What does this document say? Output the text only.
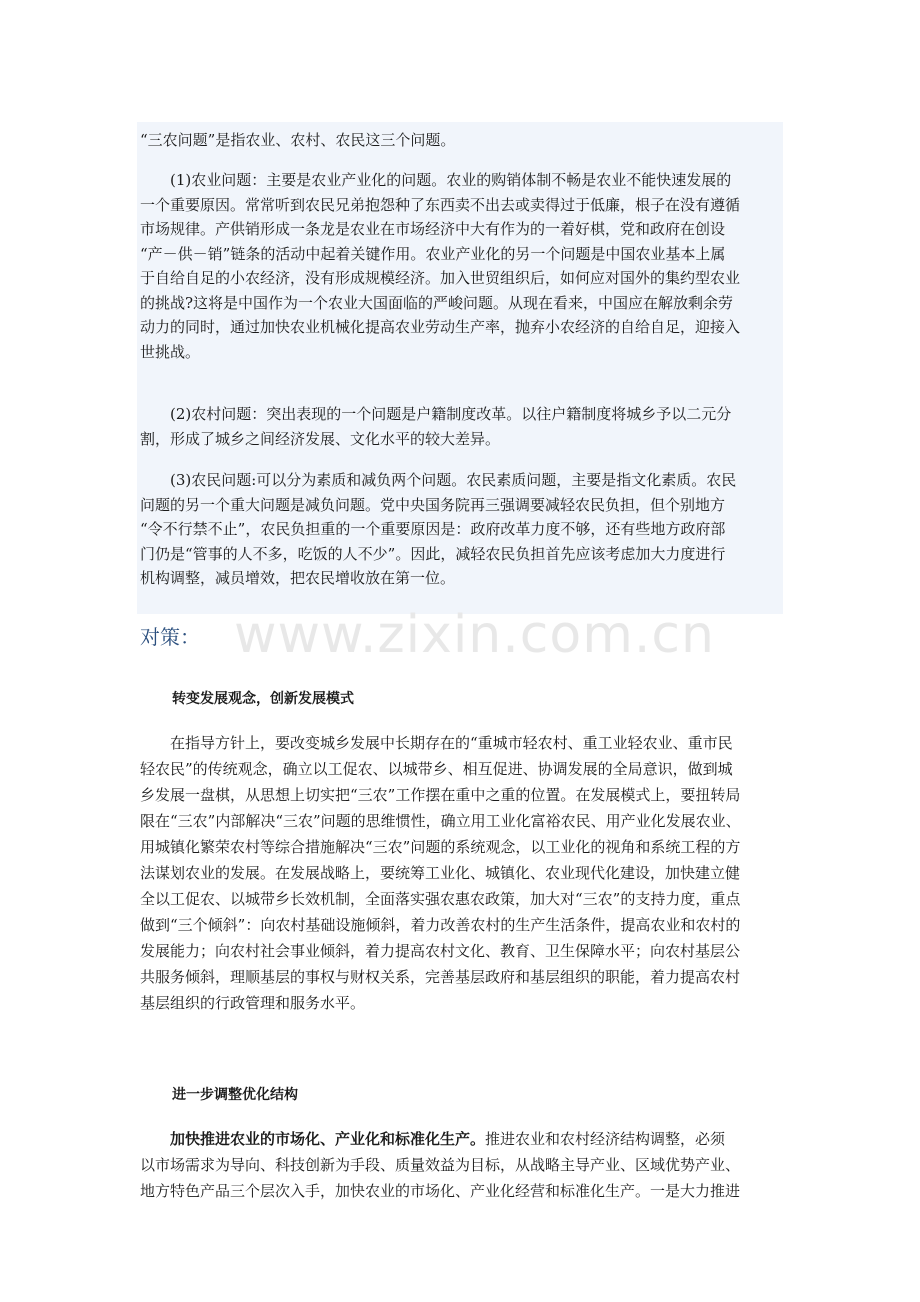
“三农问题”是指农业、农村、农民这三个问题。

　　(1)农业问题：主要是农业产业化的问题。农业的购销体制不畅是农业不能快速发展的
一个重要原因。常常听到农民兄弟抱怨种了东西卖不出去或卖得过于低廉，根子在没有遵循
市场规律。产供销形成一条龙是农业在市场经济中大有作为的一着好棋，党和政府在创设
“产－供－销”链条的活动中起着关键作用。农业产业化的另一个问题是中国农业基本上属
于自给自足的小农经济，没有形成规模经济。加入世贸组织后，如何应对国外的集约型农业
的挑战?这将是中国作为一个农业大国面临的严峻问题。从现在看来，中国应在解放剩余劳
动力的同时，通过加快农业机械化提高农业劳动生产率，抛弃小农经济的自给自足，迎接入
世挑战。

　　(2)农村问题：突出表现的一个问题是户籍制度改革。以往户籍制度将城乡予以二元分
割，形成了城乡之间经济发展、文化水平的较大差异。

　　(3)农民问题:可以分为素质和减负两个问题。农民素质问题，主要是指文化素质。农民
问题的另一个重大问题是减负问题。党中央国务院再三强调要减轻农民负担，但个别地方
“令不行禁不止”，农民负担重的一个重要原因是：政府改革力度不够，还有些地方政府部
门仍是“管事的人不多，吃饭的人不少”。因此，减轻农民负担首先应该考虑加大力度进行
机构调整，减员增效，把农民增收放在第一位。

www.zixin.com.cn
对策：
转变发展观念，创新发展模式

　　在指导方针上，要改变城乡发展中长期存在的“重城市轻农村、重工业轻农业、重市民
轻农民”的传统观念，确立以工促农、以城带乡、相互促进、协调发展的全局意识，做到城
乡发展一盘棋，从思想上切实把“三农”工作摆在重中之重的位置。在发展模式上，要扭转局
限在“三农”内部解决“三农”问题的思维惯性，确立用工业化富裕农民、用产业化发展农业、
用城镇化繁荣农村等综合措施解决“三农”问题的系统观念，以工业化的视角和系统工程的方
法谋划农业的发展。在发展战略上，要统筹工业化、城镇化、农业现代化建设，加快建立健
全以工促农、以城带乡长效机制，全面落实强农惠农政策，加大对“三农”的支持力度，重点
做到“三个倾斜”：向农村基础设施倾斜，着力改善农村的生产生活条件，提高农业和农村的
发展能力；向农村社会事业倾斜，着力提高农村文化、教育、卫生保障水平；向农村基层公
共服务倾斜，理顺基层的事权与财权关系，完善基层政府和基层组织的职能，着力提高农村
基层组织的行政管理和服务水平。

进一步调整优化结构

　　加快推进农业的市场化、产业化和标准化生产。推进农业和农村经济结构调整，必须
以市场需求为导向、科技创新为手段、质量效益为目标，从战略主导产业、区域优势产业、
地方特色产品三个层次入手，加快农业的市场化、产业化经营和标准化生产。一是大力推进
